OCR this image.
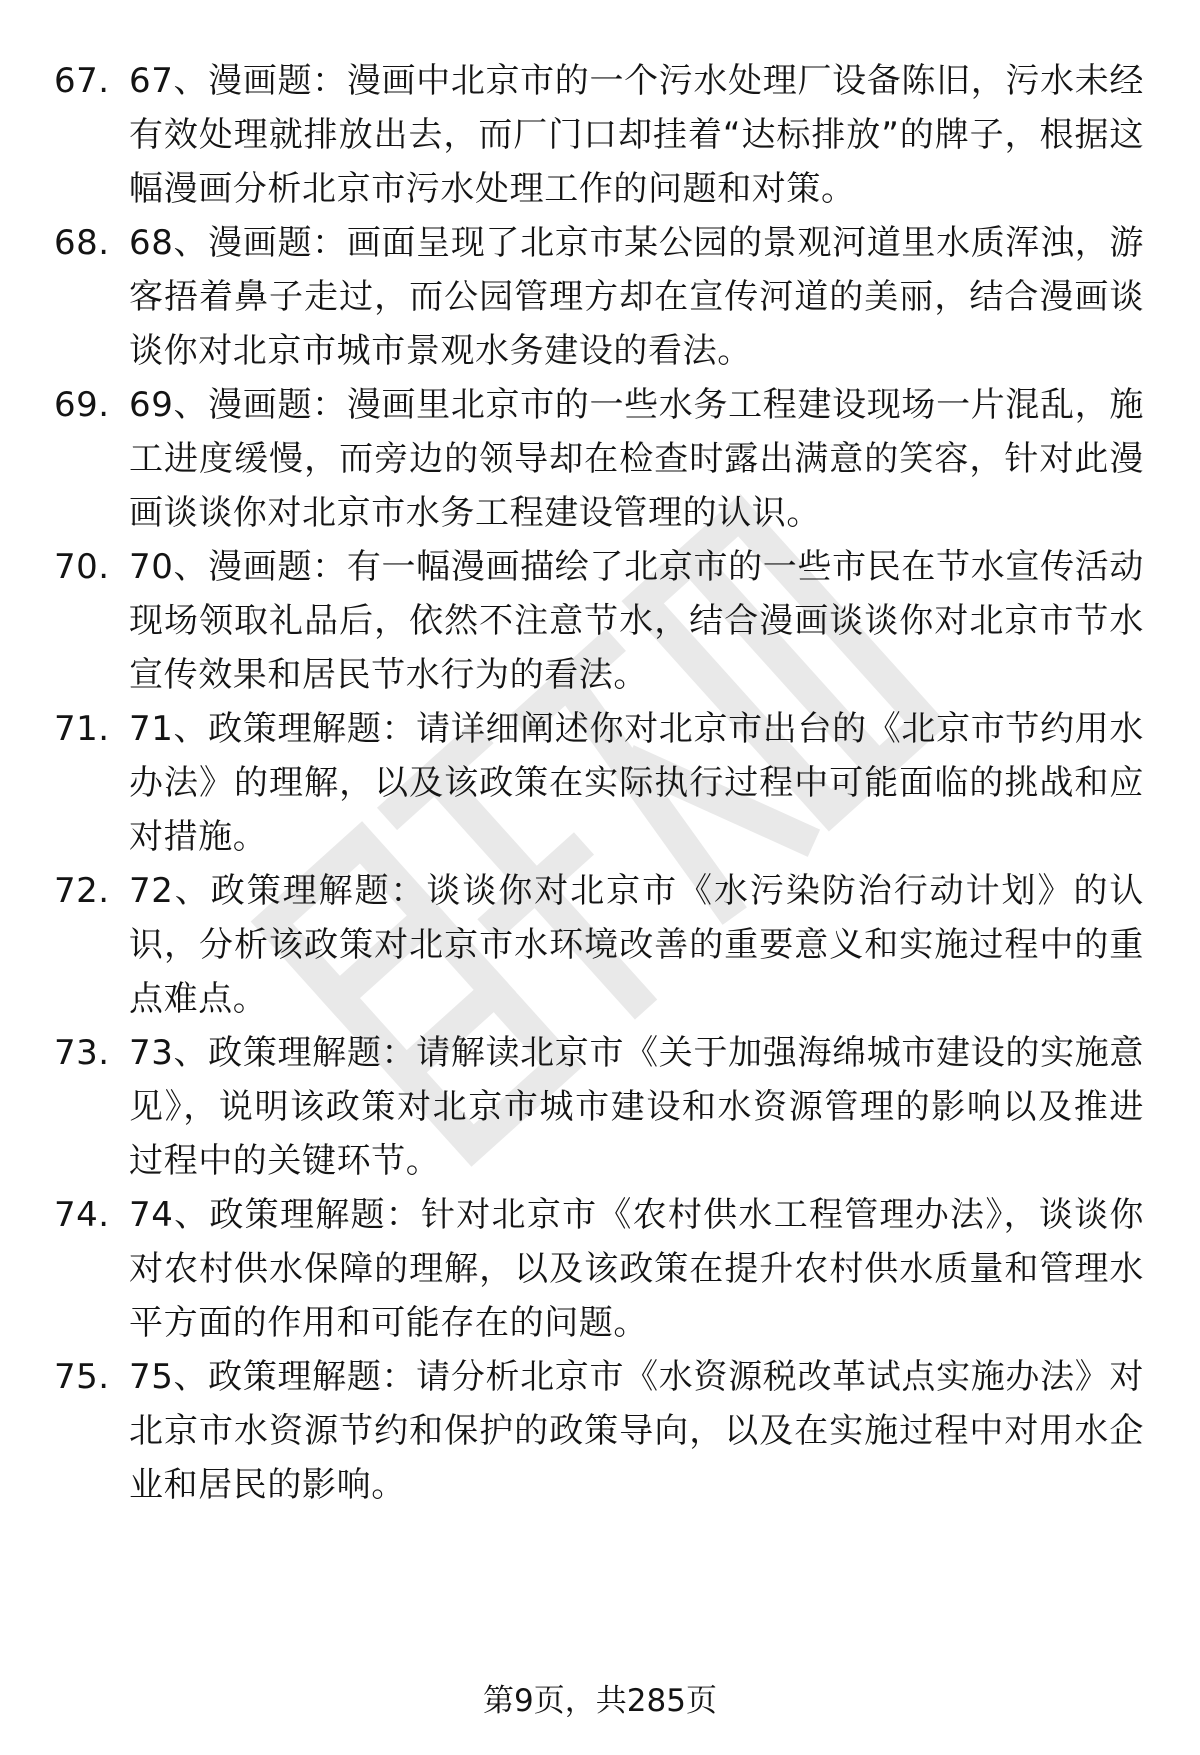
67. 67、漫画题：漫画中北京市的一个污水处理厂设备陈旧，污水未经有效处理就排放出去，而厂门口却挂着“达标排放”的牌子，根据这幅漫画分析北京市污水处理工作的问题和对策。
68. 68、漫画题：画面呈现了北京市某公园的景观河道里水质浑浊，游客捂着鼻子走过，而公园管理方却在宣传河道的美丽，结合漫画谈谈你对北京市城市景观水务建设的看法。
69. 69、漫画题：漫画里北京市的一些水务工程建设现场一片混乱，施工进度缓慢，而旁边的领导却在检查时露出满意的笑容，针对此漫画谈谈你对北京市水务工程建设管理的认识。
70. 70、漫画题：有一幅漫画描绘了北京市的一些市民在节水宣传活动现场领取礼品后，依然不注意节水，结合漫画谈谈你对北京市节水宣传效果和居民节水行为的看法。
71. 71、政策理解题：请详细阐述你对北京市出台的《北京市节约用水办法》的理解，以及该政策在实际执行过程中可能面临的挑战和应对措施。
72. 72、政策理解题：谈谈你对北京市《水污染防治行动计划》的认识，分析该政策对北京市水环境改善的重要意义和实施过程中的重点难点。
73. 73、政策理解题：请解读北京市《关于加强海绵城市建设的实施意见》，说明该政策对北京市城市建设和水资源管理的影响以及推进过程中的关键环节。
74. 74、政策理解题：针对北京市《农村供水工程管理办法》，谈谈你对农村供水保障的理解，以及该政策在提升农村供水质量和管理水平方面的作用和可能存在的问题。
75. 75、政策理解题：请分析北京市《水资源税改革试点实施办法》对北京市水资源节约和保护的政策导向，以及在实施过程中对用水企业和居民的影响。
第9页，共285页
